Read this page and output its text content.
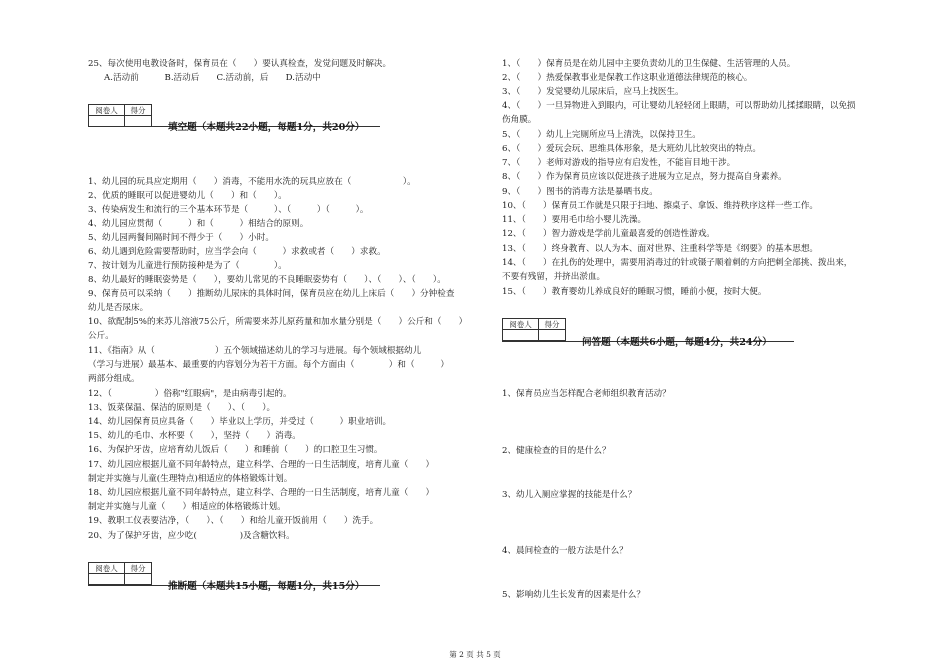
25、每次使用电教设备时，保育员在（　　）要认真检查，发觉问题及时解决。
A.活动前　　　B.活动后　　C.活动前，后　　D.活动中
阅卷人	得分
填空题（本题共22小题，每题1分，共20分）
1、幼儿园的玩具应定期用（　　）消毒，不能用水洗的玩具应放在（　　　　　　）。
2、优质的睡眠可以促进婴幼儿（　　）和（　　）。
3、传染病发生和流行的三个基本环节是（　　　）、（　　　）（　　　）。
4、幼儿园应贯彻（　　　）和（　　　）相结合的原则。
5、幼儿园两餐间隔时间不得少于（　　）小时。
6、幼儿遇到危险需要帮助时，应当学会向（　　　）求救或者（　　）求救。
7、按计划为儿童进行预防接种是为了（　　　　）。
8、幼儿最好的睡眠姿势是（　　），要幼儿常见的不良睡眠姿势有（　　）、（　　）、（　　）。
9、保育员可以采纳（　　）推断幼儿尿床的具体时间，保育员应在幼儿上床后（　　）分钟检查
幼儿是否尿床。
10、欲配制5%的来苏儿溶液75公斤，所需要来苏儿原药量和加水量分别是（　　）公斤和（　　）
公斤。
11、《指南》从（　　　　　　　）五个领域描述幼儿的学习与进展。每个领域根据幼儿
（学习与进展）最基本、最重要的内容划分为若干方面。每个方面由（　　　　）和（　　　）
两部分组成。
12、（　　　　　）俗称"红眼病"，是由病毒引起的。
13、饭菜保温、保洁的原则是（　　）、（　　）。
14、幼儿园保育员应具备（　　）毕业以上学历，并受过（　　　）职业培训。
15、幼儿的毛巾、水杯要（　　），坚持（　　）消毒。
16、为保护牙齿，应培育幼儿饭后（　　）和睡前（　　）的口腔卫生习惯。
17、幼儿园应根据儿童不同年龄特点，建立科学、合理的一日生活制度，培育儿童（　　）
制定并实施与儿童(生理特点)相适应的体格锻炼计划。
18、幼儿园应根据儿童不同年龄特点，建立科学、合理的一日生活制度，培育儿童（　　）
制定并实施与儿童（　　）相适应的体格锻炼计划。
19、教职工仪表要洁净，（　　）、（　　）和给儿童开饭前用（　　）洗手。
20、为了保护牙齿，应少吃(　　　　　)及含糖饮料。
阅卷人	得分
推断题（本题共15小题，每题1分，共15分）
1、（　　）保育员是在幼儿园中主要负责幼儿的卫生保健、生活管理的人员。
2、（　　）热爱保教事业是保教工作这职业道德法律规范的核心。
3、（　　）发觉婴幼儿尿床后，应马上找医生。
4、（　　）一旦异物进入到眼内，可让婴幼儿轻轻闭上眼睛，可以帮助幼儿揉揉眼睛，以免损
伤角膜。
5、（　　）幼儿上完厕所应马上清洗，以保持卫生。
6、（　　）爱玩会玩、思维具体形象，是大班幼儿比较突出的特点。
7、（　　）老师对游戏的指导应有启发性，不能盲目地干涉。
8、（　　）作为保育员应该以促进孩子进展为立足点，努力提高自身素养。
9、（　　）图书的消毒方法是暴晒书皮。
10、（　　）保育员工作就是只限于扫地、擦桌子、拿饭、维持秩序这样一些工作。
11、（　　）要用毛巾给小婴儿洗澡。
12、（　　）智力游戏是学前儿童最喜爱的创造性游戏。
13、（　　）终身教育、以人为本、面对世界、注重科学等是《纲要》的基本思想。
14、（　　）在扎伤的处理中，需要用消毒过的针或镊子顺着刺的方向把刺全部挑、拨出来，
不要有残留，并挤出淤血。
15、（　　）教育婴幼儿养成良好的睡眠习惯，睡前小便，按时大便。
阅卷人	得分
问答题（本题共6小题，每题4分，共24分）
1、保育员应当怎样配合老师组织教育活动？
2、健康检查的目的是什么？
3、幼儿入厕应掌握的技能是什么？
4、晨间检查的一般方法是什么？
5、影响幼儿生长发育的因素是什么？
第 2 页 共 5 页
